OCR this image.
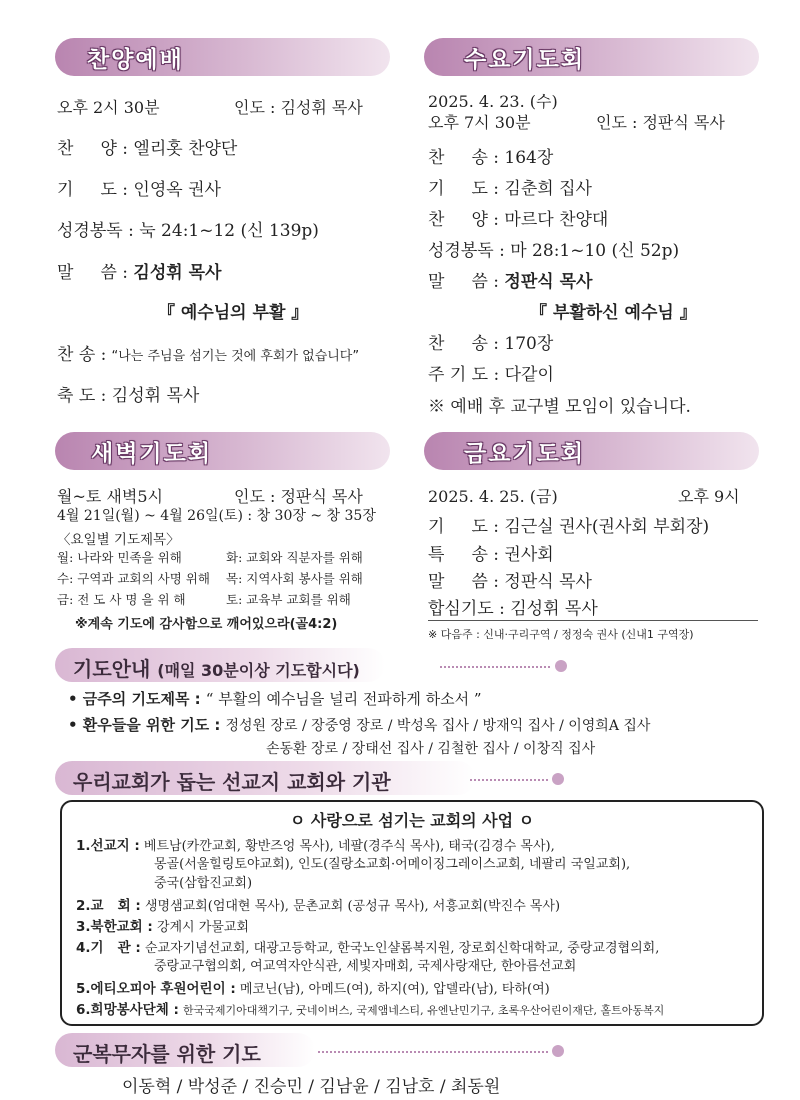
찬양예배
오후 2시 30분	인도 : 김성휘 목사
찬     양 : 엘리홋 찬양단
기     도 : 인영옥 권사
성경봉독 : 눅 24:1~12 (신 139p)
말     씀 : 김성휘 목사
『 예수님의 부활 』
찬 송 : “나는 주님을 섬기는 것에 후회가 없습니다”
축 도 : 김성휘 목사
수요기도회
2025. 4. 23. (수)
오후 7시 30분	인도 : 정판식 목사
찬     송 : 164장
기     도 : 김춘희 집사
찬     양 : 마르다 찬양대
성경봉독 : 마 28:1~10 (신 52p)
말     씀 : 정판식 목사
『 부활하신 예수님 』
찬     송 : 170장
주 기 도 : 다같이
※ 예배 후 교구별 모임이 있습니다.
새벽기도회
월~토 새벽5시	인도 : 정판식 목사
4월 21일(월) ~ 4월 26일(토) : 창 30장 ~ 창 35장
〈요일별 기도제목〉
월: 나라와 민족을 위해	화: 교회와 직분자를 위해
수: 구역과 교회의 사명 위해 목: 지역사회 봉사를 위해
금: 전 도 사 명 을 위 해	토: 교육부 교회를 위해
※계속 기도에 감사함으로 깨어있으라(골4:2)
금요기도회
2025. 4. 25. (금)	오후 9시
기     도 : 김근실 권사(권사회 부회장)
특     송 : 권사회
말     씀 : 정판식 목사
합심기도 : 김성휘 목사
※ 다음주 : 신내·구리구역 / 정정숙 권사 (신내1 구역장)
기도안내 (매일 30분이상 기도합시다)
• 금주의 기도제목 : “ 부활의 예수님을 널리 전파하게 하소서 ”
• 환우들을 위한 기도 : 정성원 장로 / 장중영 장로 / 박성옥 집사 / 방재익 집사 / 이영희A 집사
손동환 장로 / 장태선 집사 / 김철한 집사 / 이창직 집사
우리교회가 돕는 선교지 교회와 기관
ㅇ 사랑으로 섬기는 교회의 사업 ㅇ
1.선교지 : 베트남(카깐교회, 황반즈엉 목사), 네팔(경주식 목사), 태국(김경수 목사),
몽골(서울힐링토야교회), 인도(질랑소교회·어메이징그레이스교회, 네팔리 국일교회),
중국(삼합진교회)
2.교   회 : 생명샘교회(엄대현 목사), 문촌교회 (공성규 목사), 서흥교회(박진수 목사)
3.북한교회 : 강계시 가물교회
4.기   관 : 순교자기념선교회, 대광고등학교, 한국노인샬롬복지원, 장로회신학대학교, 중랑교경협의회,
중랑교구협의회, 여교역자안식관, 세빛자매회, 국제사랑재단, 한아름선교회
5.에티오피아 후원어린이 : 메코닌(남), 아메드(여), 하지(여), 압델라(남), 타하(여)
6.희망봉사단체 : 한국국제기아대책기구, 굿네이버스, 국제앰네스티, 유엔난민기구, 초록우산어린이재단, 홀트아동복지
군복무자를 위한 기도
이동혁 / 박성준 / 진승민 / 김남윤 / 김남호 / 최동원
